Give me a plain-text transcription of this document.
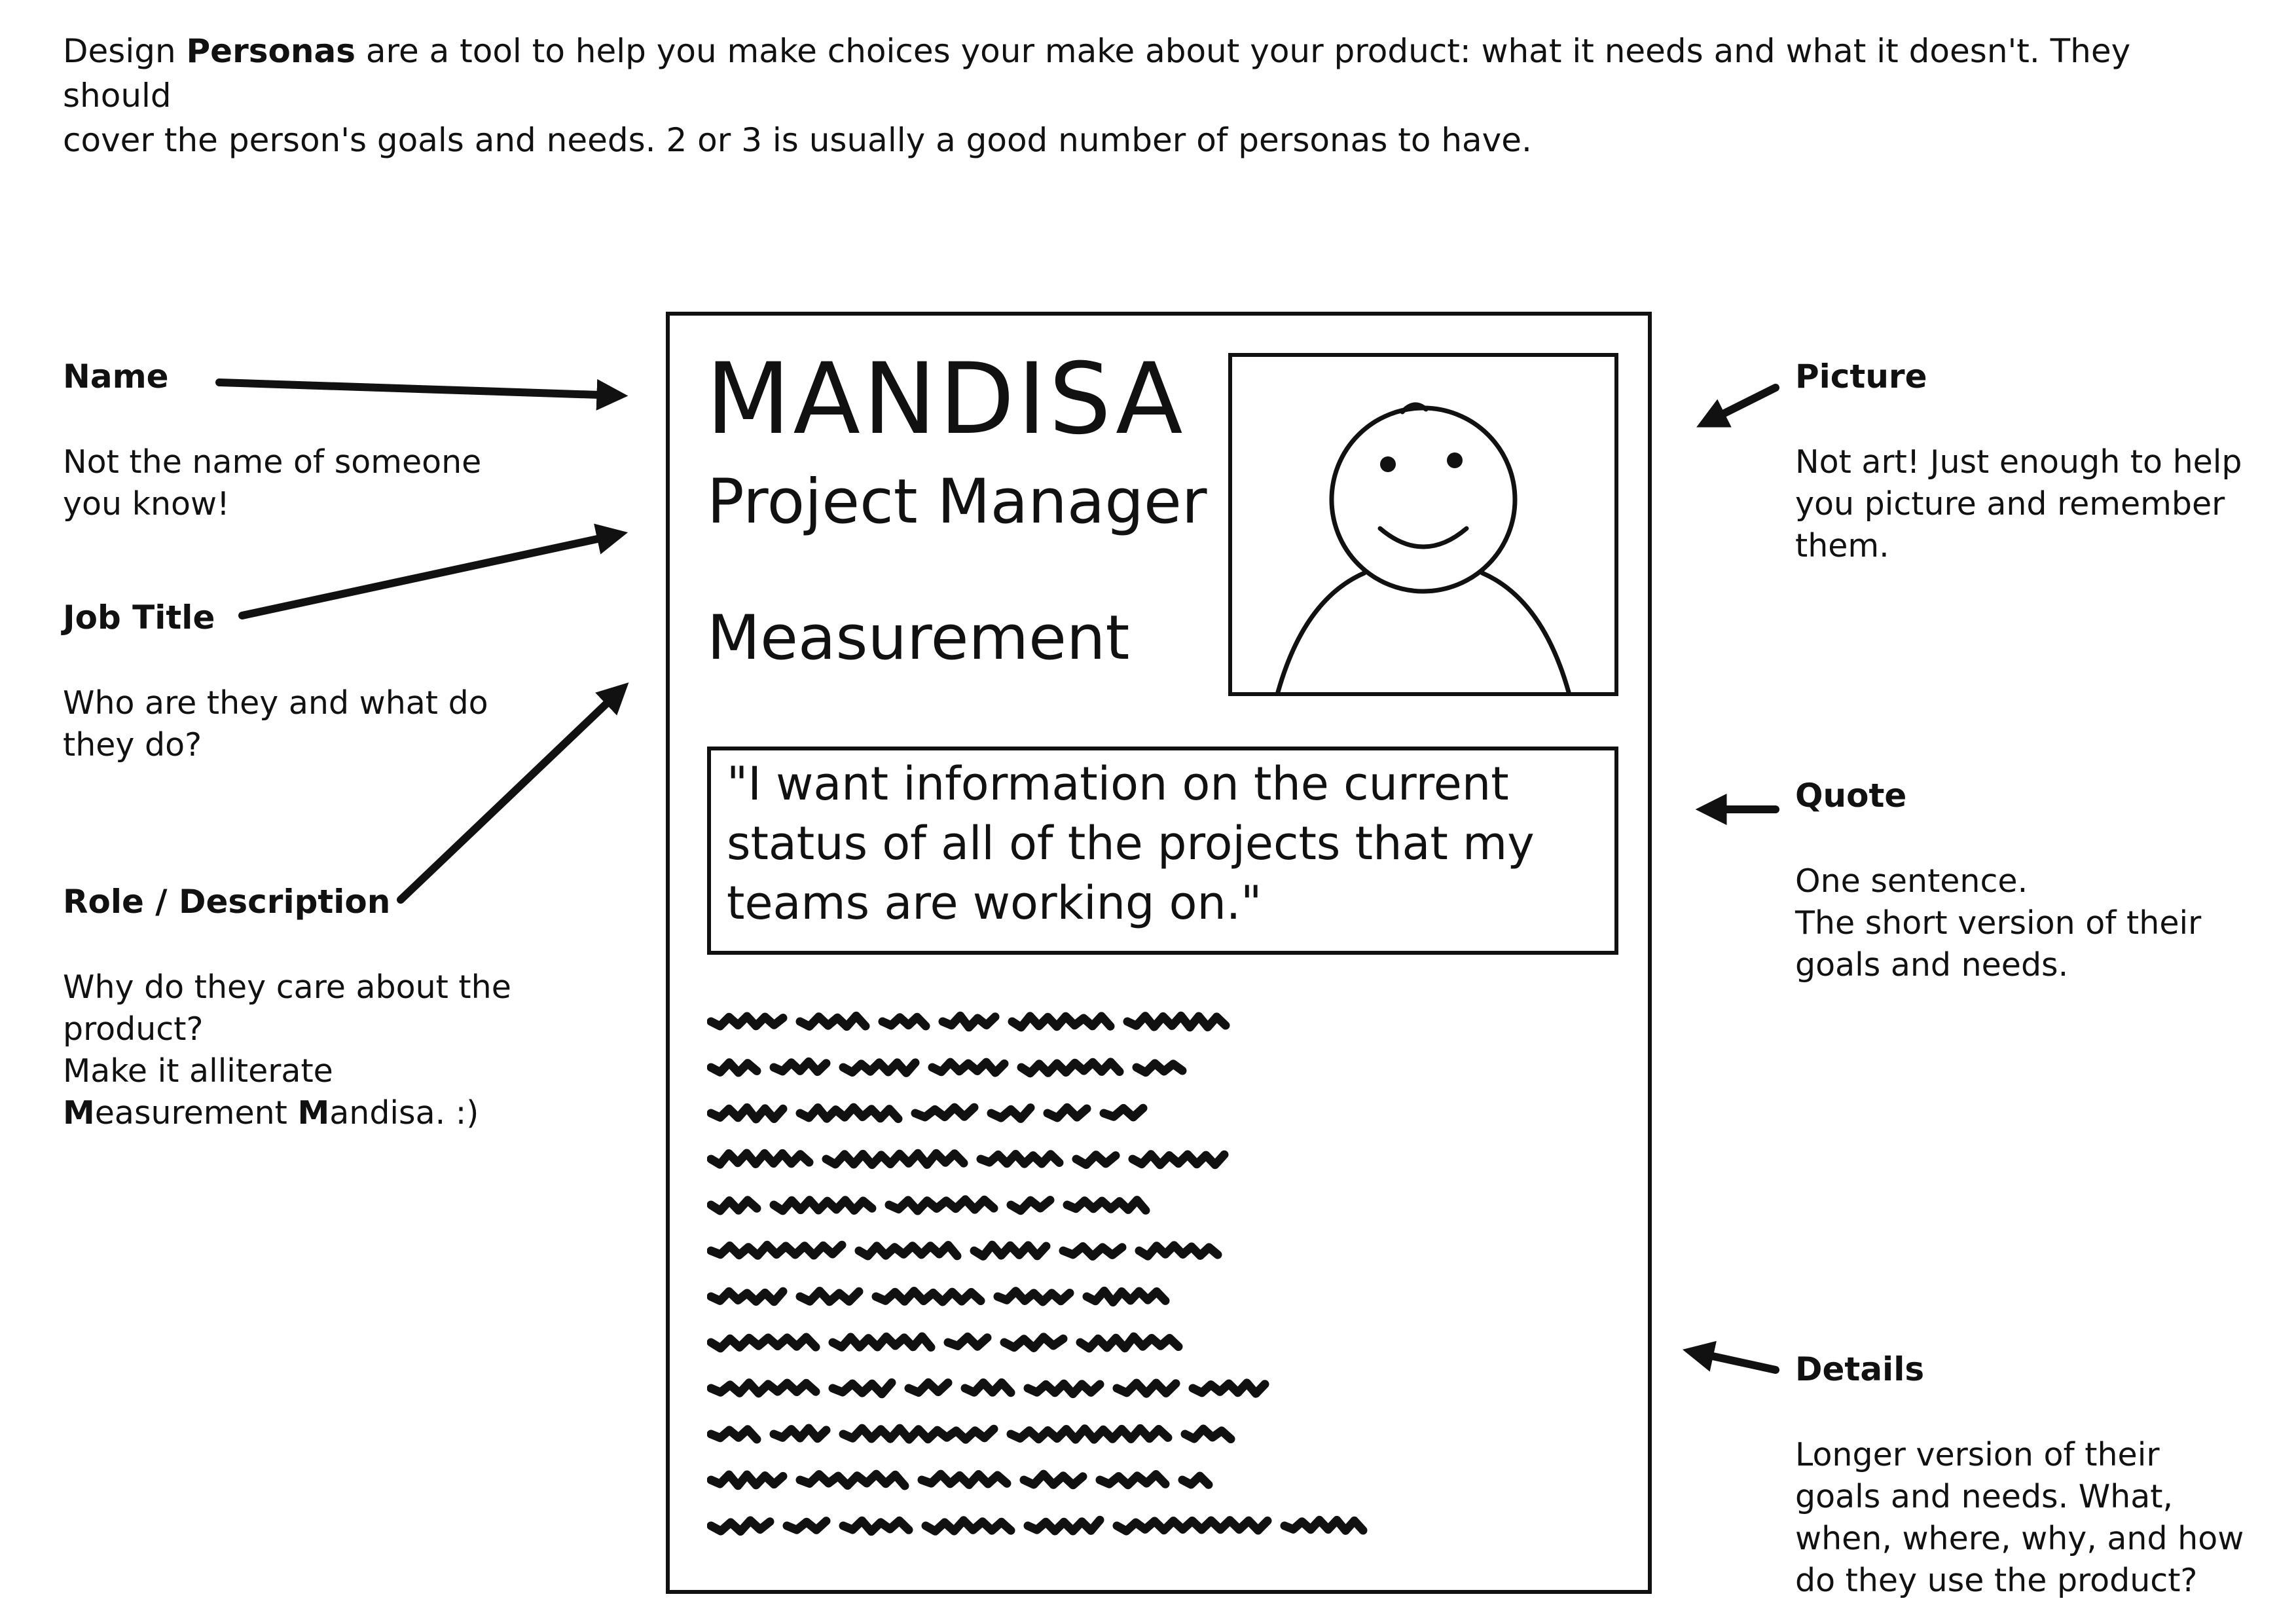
Design Personas are a tool to help you make choices your make about your product: what it needs and what it doesn't. They should
cover the person's goals and needs. 2 or 3 is usually a good number of personas to have.
Name
Not the name of someone
you know!
Job Title
Who are they and what do
they do?
Role / Description
Why do they care about the
product?
Make it alliterate
Measurement Mandisa. :)
Picture
Not art! Just enough to help
you picture and remember
them.
Quote
One sentence.
The short version of their
goals and needs.
Details
Longer version of their
goals and needs. What,
when, where, why, and how
do they use the product?
MANDISA
Project Manager
Measurement
"I want information on the current
status of all of the projects that my
teams are working on."
